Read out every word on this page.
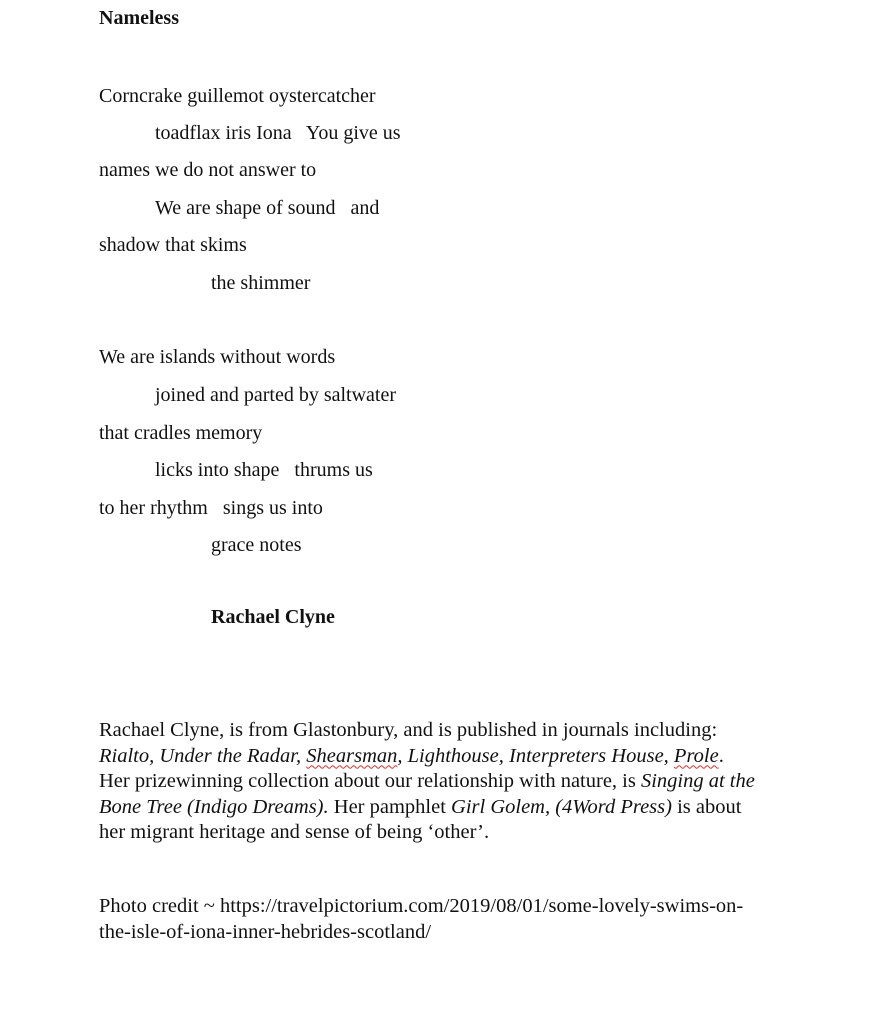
Nameless
Corncrake guillemot oystercatcher
toadflax iris Iona   You give us
names we do not answer to
We are shape of sound   and
shadow that skims
the shimmer
We are islands without words
joined and parted by saltwater
that cradles memory
licks into shape   thrums us
to her rhythm   sings us into
grace notes
Rachael Clyne
Rachael Clyne, is from Glastonbury, and is published in journals including:
Rialto, Under the Radar, Shearsman, Lighthouse, Interpreters House, Prole.
Her prizewinning collection about our relationship with nature, is Singing at the
Bone Tree (Indigo Dreams). Her pamphlet Girl Golem, (4Word Press) is about
her migrant heritage and sense of being ‘other’.
Photo credit ~ https://travelpictorium.com/2019/08/01/some-lovely-swims-on-
the-isle-of-iona-inner-hebrides-scotland/
